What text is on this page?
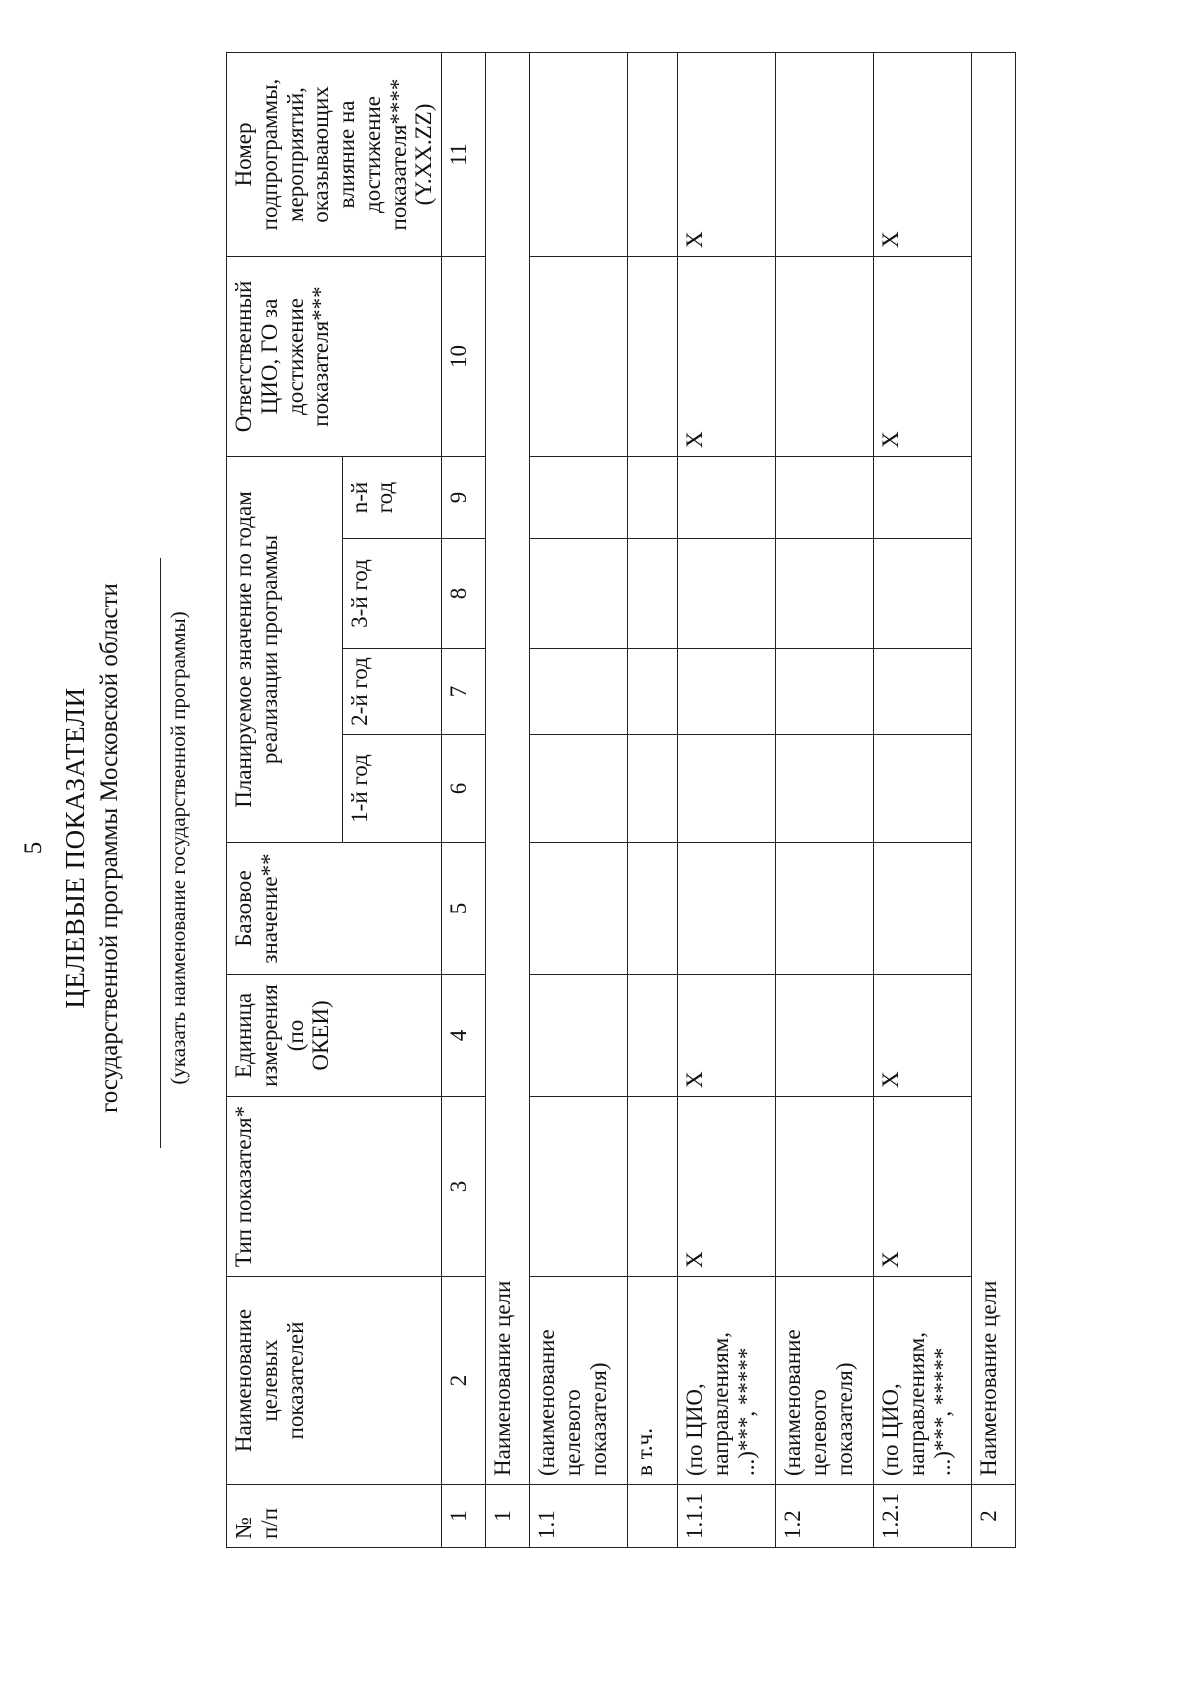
5 ЦЕЛЕВЫЕ ПОКАЗАТЕЛИ государственной программы Московской области (указать наименование государственной программы)
№ п/п	Наименование целевых показателей	Тип показателя*	Единица измерения (по ОКЕИ)	Базовое значение**	Планируемое значение по годам реализации программы				Ответственный ЦИО, ГО за достижение показателя***	Номер подпрограммы, мероприятий, оказывающих влияние на достижение показателя****(Y.XX.ZZ)
					1-й год	2-й год	3-й год	n-й год		
1	2	3	4	5	6	7	8	9	10	11
1	Наименование цели									
1.1	(наименование целевого показателя)									
	в т.ч.									
1.1.1	(по ЦИО, направлениям, ...)***, *****	X	X						X	X
1.2	(наименование целевого показателя)									
1.2.1	(по ЦИО, направлениям, ...)***, *****	X	X						X	X
2	Наименование цели									
